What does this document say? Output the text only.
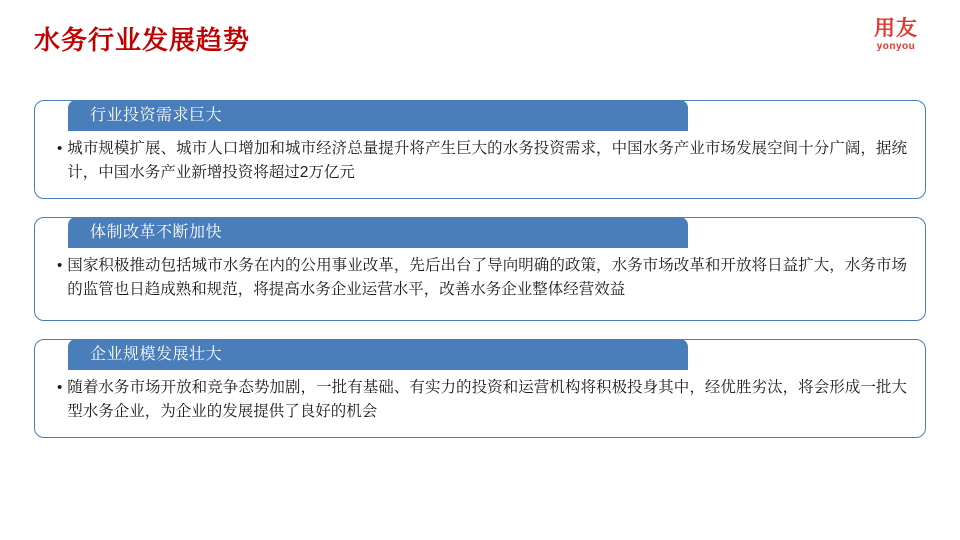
水务行业发展趋势	用友
yonyou
• 城市规模扩展、城市人口增加和城市经济总量提升将产生巨大的水务投资需求，中国水务产业市场发展空间十分广阔，据统计，中国水务产业新增投资将超过2万亿元
行业投资需求巨大
• 国家积极推动包括城市水务在内的公用事业改革，先后出台了导向明确的政策，水务市场改革和开放将日益扩大，水务市场的监管也日趋成熟和规范，将提高水务企业运营水平，改善水务企业整体经营效益
体制改革不断加快
• 随着水务市场开放和竞争态势加剧，一批有基础、有实力的投资和运营机构将积极投身其中，经优胜劣汰，将会形成一批大型水务企业，为企业的发展提供了良好的机会
企业规模发展壮大
